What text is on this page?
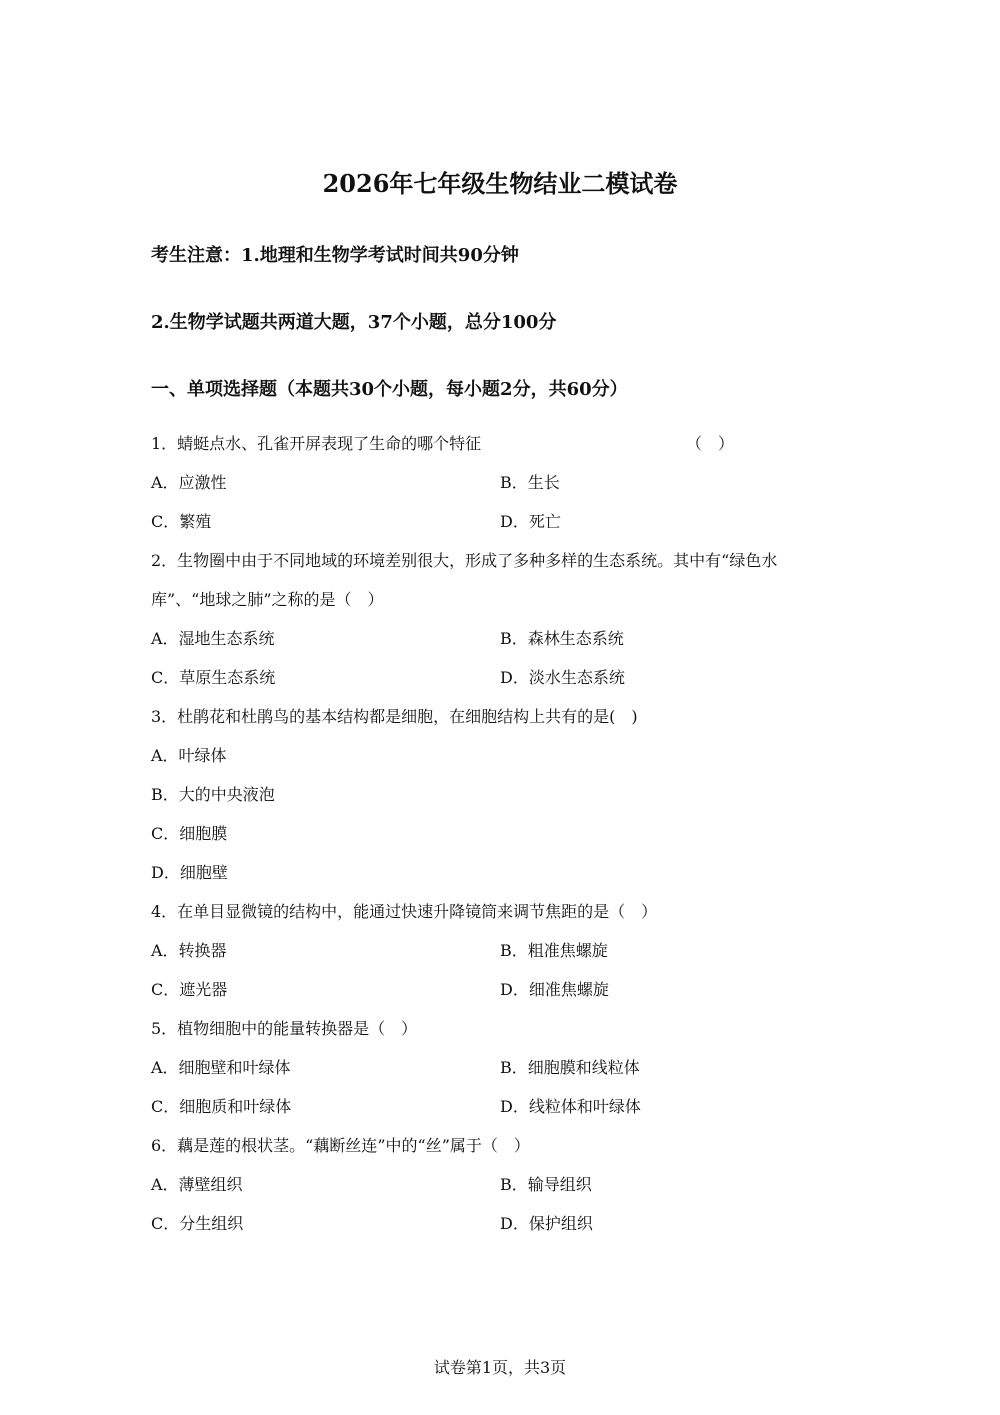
2026年七年级生物结业二模试卷
考生注意：1.地理和生物学考试时间共90分钟
2.生物学试题共两道大题，37个小题，总分100分
一、单项选择题（本题共30个小题，每小题2分，共60分）
1．蜻蜓点水、孔雀开屏表现了生命的哪个特征	（　）
A．应激性	B．生长
C．繁殖	D．死亡
2．生物圈中由于不同地域的环境差别很大，形成了多种多样的生态系统。其中有“绿色水
库”、“地球之肺”之称的是（　）
A．湿地生态系统	B．森林生态系统
C．草原生态系统	D．淡水生态系统
3．杜鹃花和杜鹃鸟的基本结构都是细胞，在细胞结构上共有的是(　)
A．叶绿体
B．大的中央液泡
C．细胞膜
D．细胞壁
4．在单目显微镜的结构中，能通过快速升降镜筒来调节焦距的是（　）
A．转换器	B．粗准焦螺旋
C．遮光器	D．细准焦螺旋
5．植物细胞中的能量转换器是（　）
A．细胞壁和叶绿体	B．细胞膜和线粒体
C．细胞质和叶绿体	D．线粒体和叶绿体
6．藕是莲的根状茎。“藕断丝连”中的“丝”属于（　）
A．薄壁组织	B．输导组织
C．分生组织	D．保护组织
试卷第1页，共3页
